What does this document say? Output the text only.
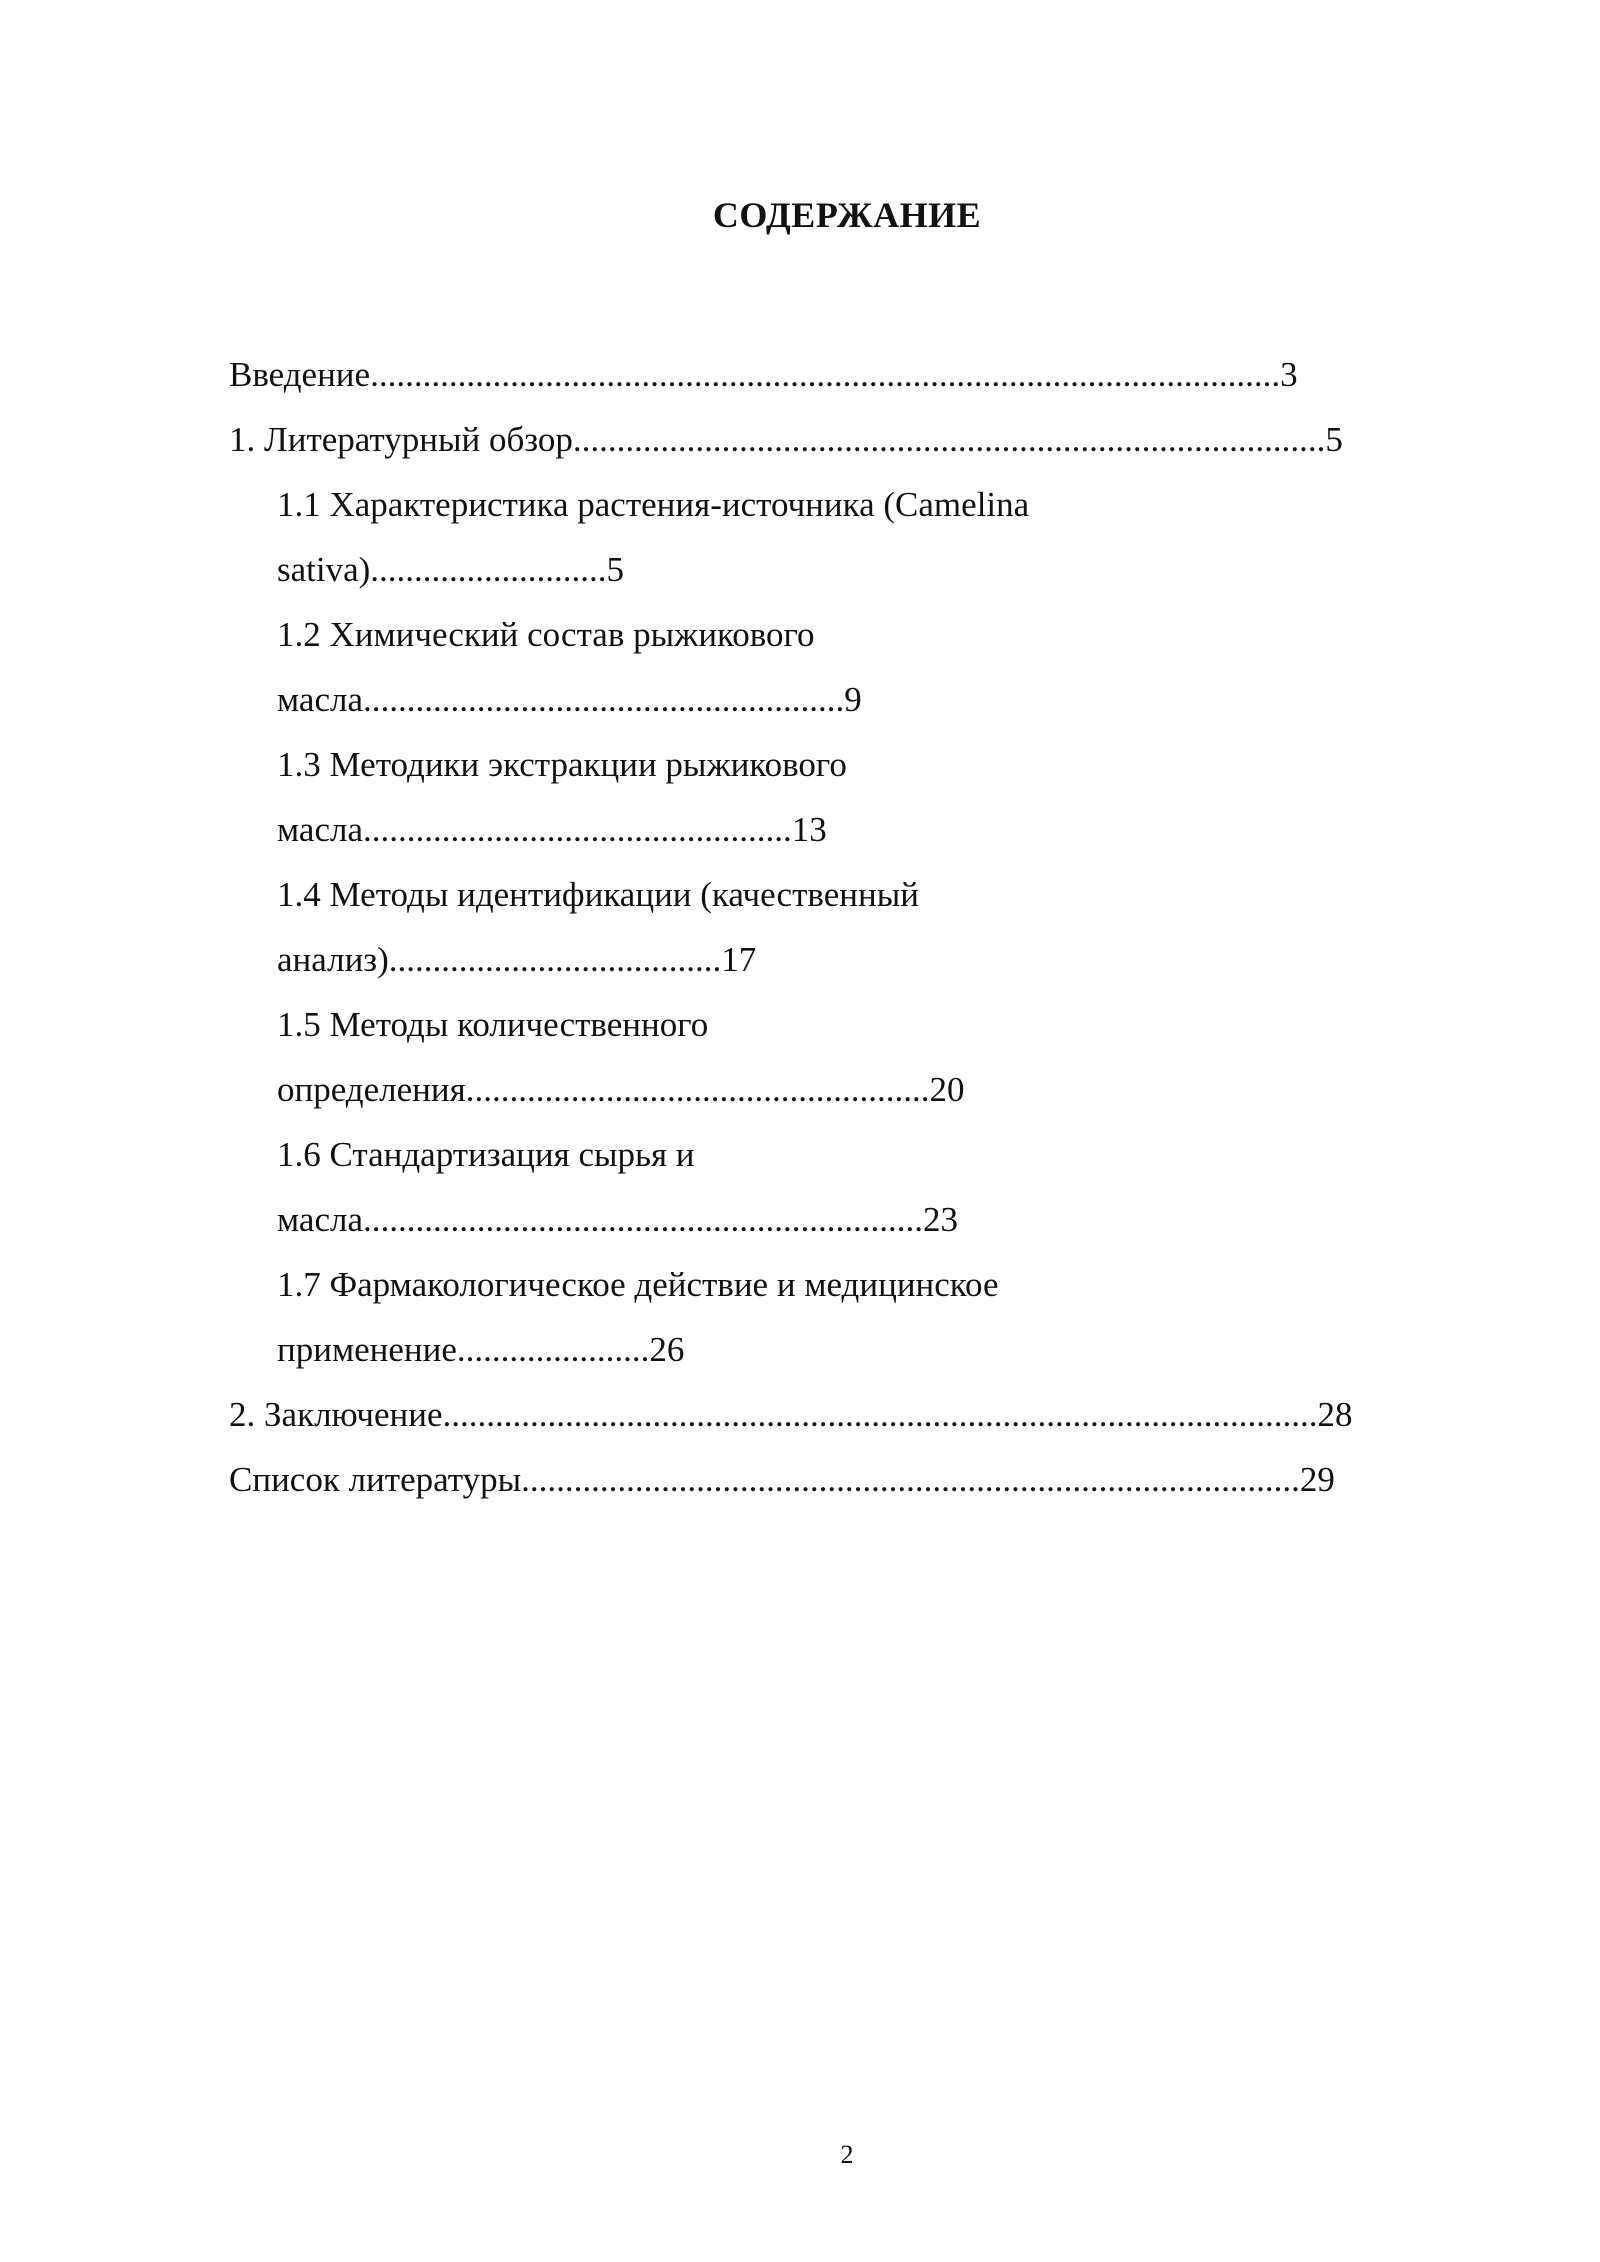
СОДЕРЖАНИЕ
Введение........................................................................................................3
1. Литературный обзор......................................................................................5
1.1 Характеристика растения-источника (Camelina
sativa)...........................5
1.2 Химический состав рыжикового
масла.......................................................9
1.3 Методики экстракции рыжикового
масла.................................................13
1.4 Методы идентификации (качественный
анализ)......................................17
1.5 Методы количественного
определения.....................................................20
1.6 Стандартизация сырья и
масла................................................................23
1.7 Фармакологическое действие и медицинское
применение......................26
2. Заключение....................................................................................................28
Список литературы.........................................................................................29
2
